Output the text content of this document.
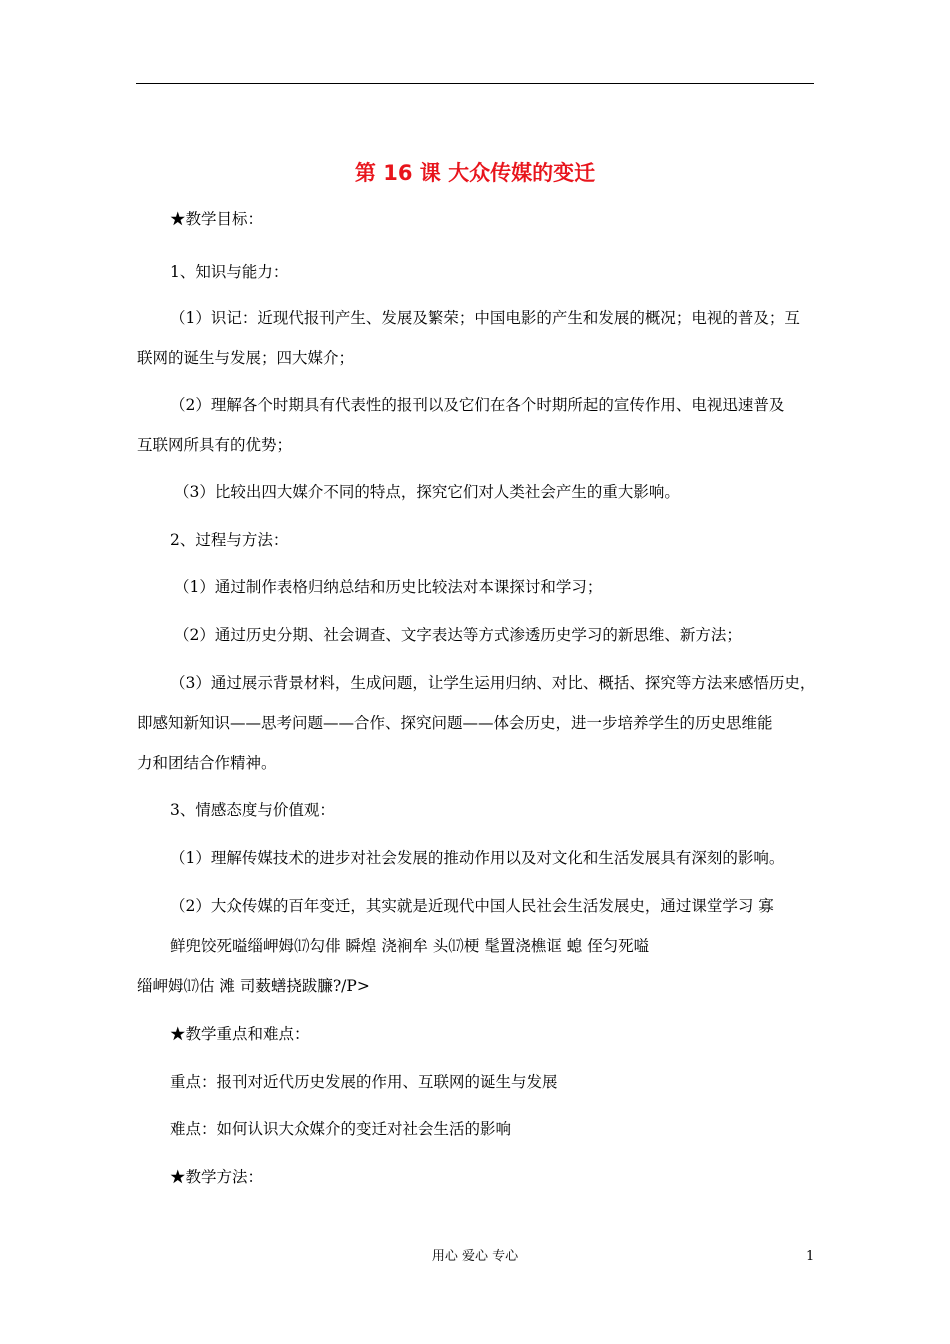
第 16 课 大众传媒的变迁
★教学目标：
1、知识与能力：
（1）识记：近现代报刊产生、发展及繁荣；中国电影的产生和发展的概况；电视的普及；互
联网的诞生与发展；四大媒介；
（2）理解各个时期具有代表性的报刊以及它们在各个时期所起的宣传作用、电视迅速普及
互联网所具有的优势；
（3）比较出四大媒介不同的特点，探究它们对人类社会产生的重大影响。
2、过程与方法：
（1）通过制作表格归纳总结和历史比较法对本课探讨和学习；
（2）通过历史分期、社会调查、文字表达等方式渗透历史学习的新思维、新方法；
（3）通过展示背景材料，生成问题，让学生运用归纳、对比、概括、探究等方法来感悟历史，
即感知新知识——思考问题——合作、探究问题——体会历史，进一步培养学生的历史思维能
力和团结合作精神。
3、情感态度与价值观：
（1）理解传媒技术的进步对社会发展的推动作用以及对文化和生活发展具有深刻的影响。
（2）大众传媒的百年变迁，其实就是近现代中国人民社会生活发展史，通过课堂学习 寡
鲜兜饺死嗌缁岬姆⒄勾俳 瞬煌 浇裥牟 头⒄梗 髦置浇樵诓 螅 侄匀死嗌
缁岬姆⒄估 滩 司薮蟮挠跋臁?/P>
★教学重点和难点：
重点：报刊对近代历史发展的作用、互联网的诞生与发展
难点：如何认识大众媒介的变迁对社会生活的影响
★教学方法：
用心 爱心 专心	1
